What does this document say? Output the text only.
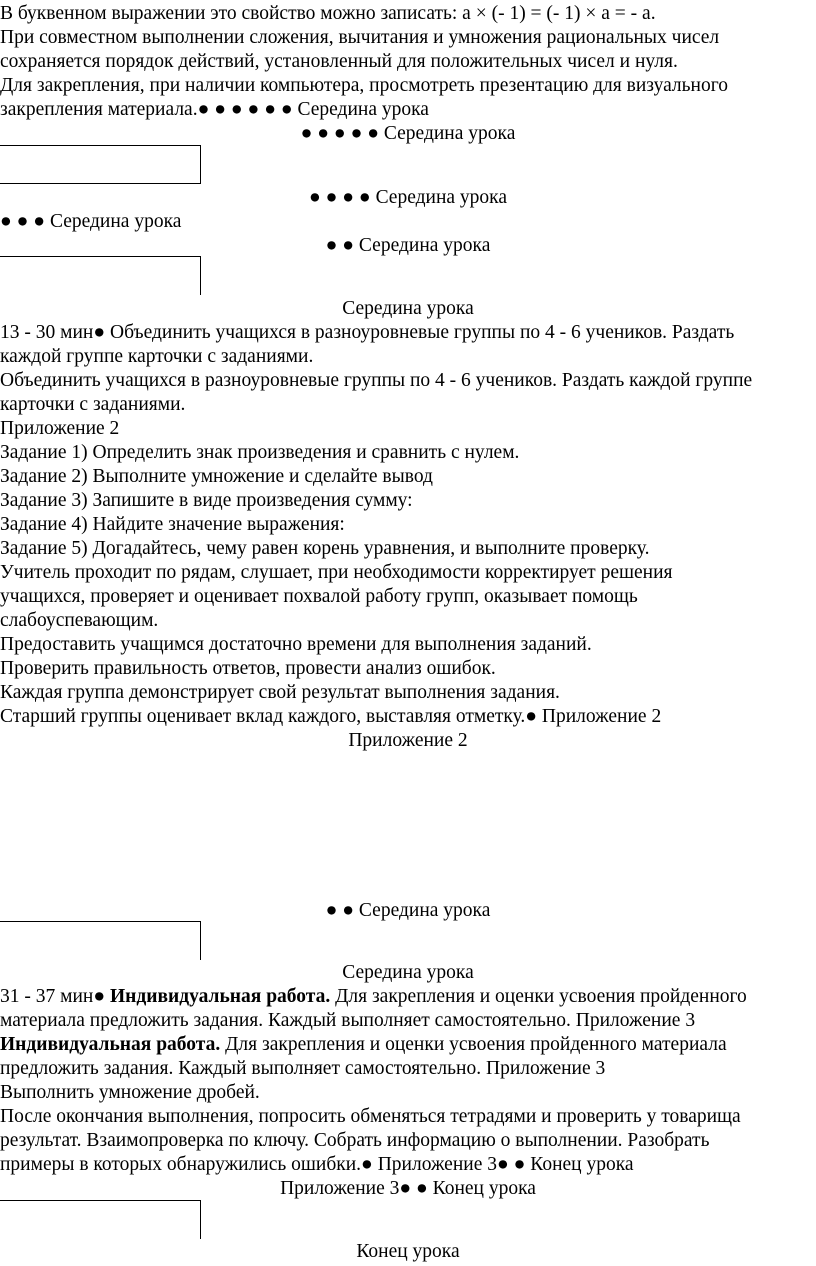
В буквенном выражении это свойство можно записать: a × (- 1) = (- 1) × a = - a.
При совместном выполнении сложения, вычитания и умножения рациональных чисел
сохраняется порядок действий, установленный для положительных чисел и нуля.
Для закрепления, при наличии компьютера, просмотреть презентацию для визуального
закрепления материала.● ● ● ● ● ● Середина урока
● ● ● ● ● Середина урока
● ● ● ● Середина урока
● ● ● Середина урока
● ● Середина урока
Середина урока
13 - 30 мин● Объединить учащихся в разноуровневые группы по 4 - 6 учеников. Раздать
каждой группе карточки с заданиями.
Объединить учащихся в разноуровневые группы по 4 - 6 учеников. Раздать каждой группе
карточки с заданиями.
Приложение 2
Задание 1) Определить знак произведения и сравнить с нулем.
Задание 2) Выполните умножение и сделайте вывод
Задание 3) Запишите в виде произведения сумму:
Задание 4) Найдите значение выражения:
Задание 5) Догадайтесь, чему равен корень уравнения, и выполните проверку.
Учитель проходит по рядам, слушает, при необходимости корректирует решения
учащихся, проверяет и оценивает похвалой работу групп, оказывает помощь
слабоуспевающим.
Предоставить учащимся достаточно времени для выполнения заданий.
Проверить правильность ответов, провести анализ ошибок.
Каждая группа демонстрирует свой результат выполнения задания.
Старший группы оценивает вклад каждого, выставляя отметку.● Приложение 2
Приложение 2
● ● Середина урока
Середина урока
31 - 37 мин● Индивидуальная работа. Для закрепления и оценки усвоения пройденного
материала предложить задания. Каждый выполняет самостоятельно. Приложение 3
Индивидуальная работа. Для закрепления и оценки усвоения пройденного материала
предложить задания. Каждый выполняет самостоятельно. Приложение 3
Выполнить умножение дробей.
После окончания выполнения, попросить обменяться тетрадями и проверить у товарища
результат. Взаимопроверка по ключу. Собрать информацию о выполнении. Разобрать
примеры в которых обнаружились ошибки.● Приложение 3● ● Конец урока
Приложение 3● ● Конец урока
Конец урока
